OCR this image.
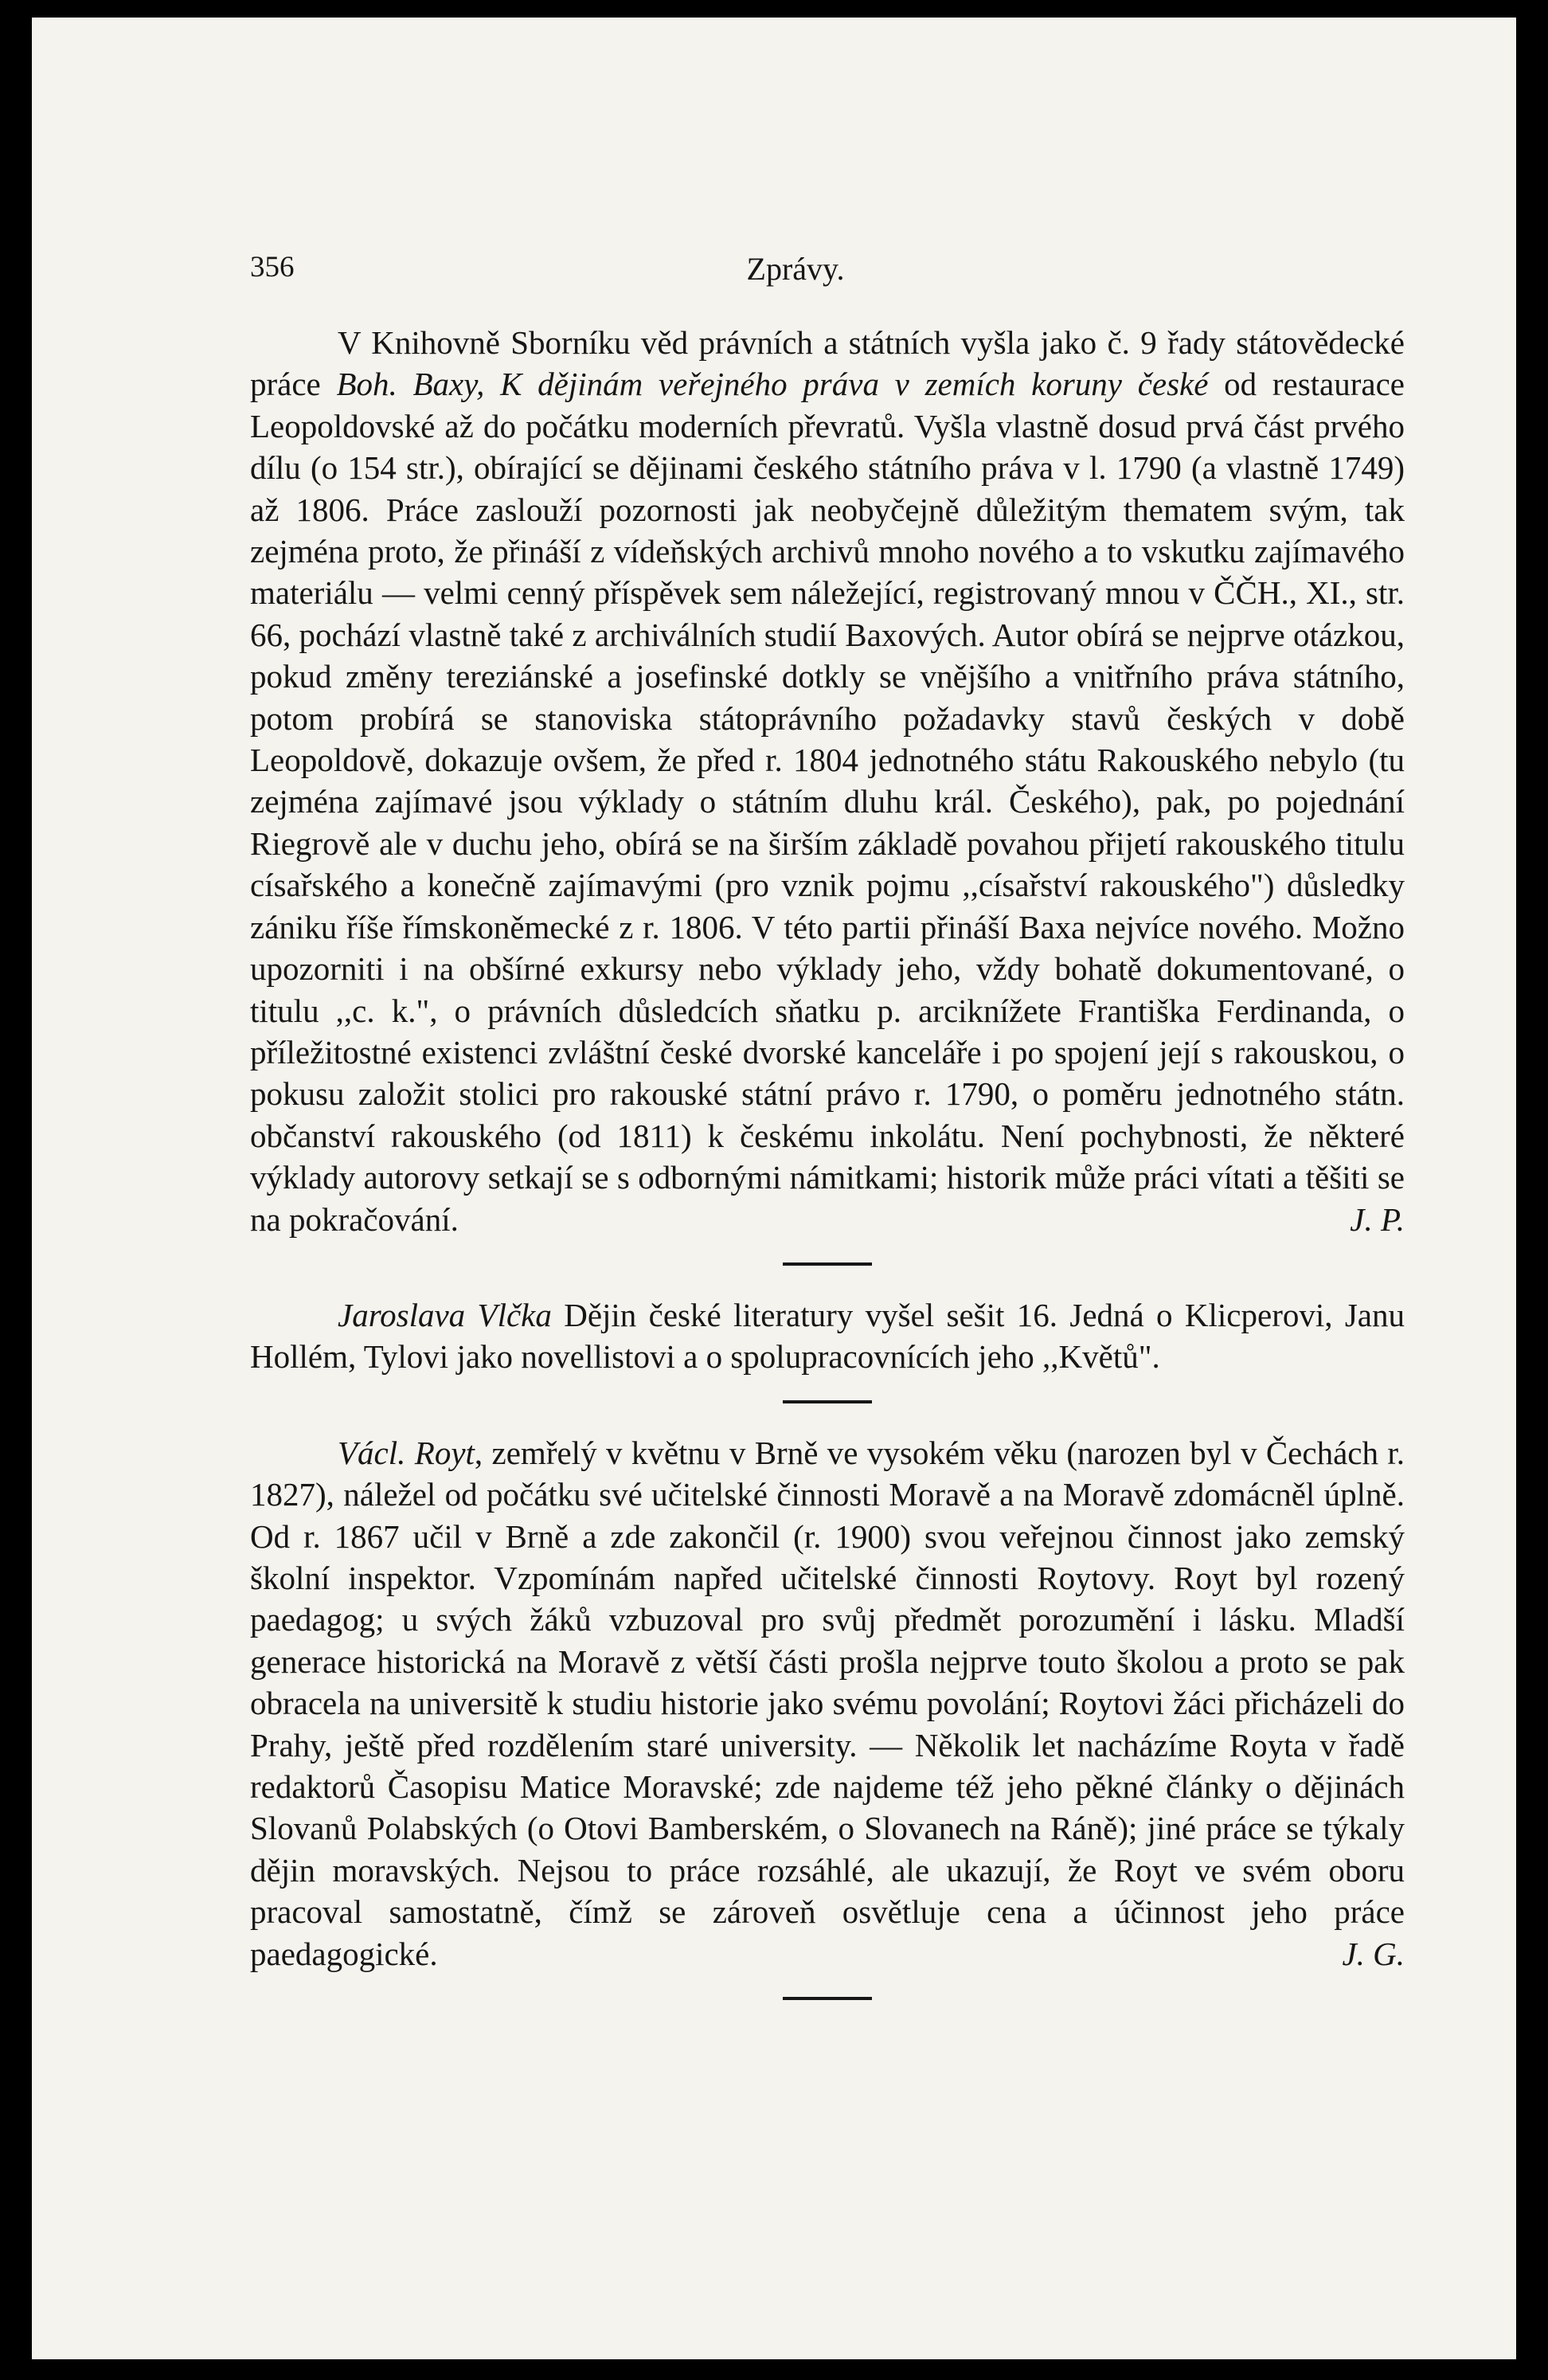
356	Zprávy.

V Knihovně Sborníku věd právních a státních vyšla jako č. 9 řady státovědecké práce Boh. Baxy, K dějinám veřejného práva v zemích koruny české od restaurace Leopoldovské až do počátku moderních převratů. Vyšla vlastně dosud prvá část prvého dílu (o 154 str.), obírající se dějinami českého státního práva v l. 1790 (a vlastně 1749) až 1806. Práce zaslouží pozornosti jak neobyčejně důležitým thematem svým, tak zejména proto, že přináší z vídeňských archivů mnoho nového a to vskutku zajímavého materiálu — velmi cenný příspěvek sem náležející, registrovaný mnou v ČČH., XI., str. 66, pochází vlastně také z archiválních studií Baxových. Autor obírá se nejprve otázkou, pokud změny tereziánské a josefinské dotkly se vnějšího a vnitřního práva státního, potom probírá se stanoviska státoprávního požadavky stavů českých v době Leopoldově, dokazuje ovšem, že před r. 1804 jednotného státu Rakouského nebylo (tu zejména zajímavé jsou výklady o státním dluhu král. Českého), pak, po pojednání Riegrově ale v duchu jeho, obírá se na širším základě povahou přijetí rakouského titulu císařského a konečně zajímavými (pro vznik pojmu ,,císařství rakouského") důsledky zániku říše římskoněmecké z r. 1806. V této partii přináší Baxa nejvíce nového. Možno upozorniti i na obšírné exkursy nebo výklady jeho, vždy bohatě dokumentované, o titulu ,,c. k.", o právních důsledcích sňatku p. arciknížete Františka Ferdinanda, o příležitostné existenci zvláštní české dvorské kanceláře i po spojení její s rakouskou, o pokusu založit stolici pro rakouské státní právo r. 1790, o poměru jednotného státn. občanství rakouského (od 1811) k českému inkolátu. Není pochybnosti, že některé výklady autorovy setkají se s odbornými námitkami; historik může práci vítati a těšiti se na pokračování.	J. P.

Jaroslava Vlčka Dějin české literatury vyšel sešit 16. Jedná o Klicperovi, Janu Hollém, Tylovi jako novellistovi a o spolupracovnících jeho ,,Květů".

Václ. Royt, zemřelý v květnu v Brně ve vysokém věku (narozen byl v Čechách r. 1827), náležel od počátku své učitelské činnosti Moravě a na Moravě zdomácněl úplně. Od r. 1867 učil v Brně a zde zakončil (r. 1900) svou veřejnou činnost jako zemský školní inspektor. Vzpomínám napřed učitelské činnosti Roytovy. Royt byl rozený paedagog; u svých žáků vzbuzoval pro svůj předmět porozumění i lásku. Mladší generace historická na Moravě z větší části prošla nejprve touto školou a proto se pak obracela na universitě k studiu historie jako svému povolání; Roytovi žáci přicházeli do Prahy, ještě před rozdělením staré university. — Několik let nacházíme Royta v řadě redaktorů Časopisu Matice Moravské; zde najdeme též jeho pěkné články o dějinách Slovanů Polabských (o Otovi Bamberském, o Slovanech na Ráně); jiné práce se týkaly dějin moravských. Nejsou to práce rozsáhlé, ale ukazují, že Royt ve svém oboru pracoval samostatně, čímž se zároveň osvětluje cena a účinnost jeho práce paedagogické.	J. G.
